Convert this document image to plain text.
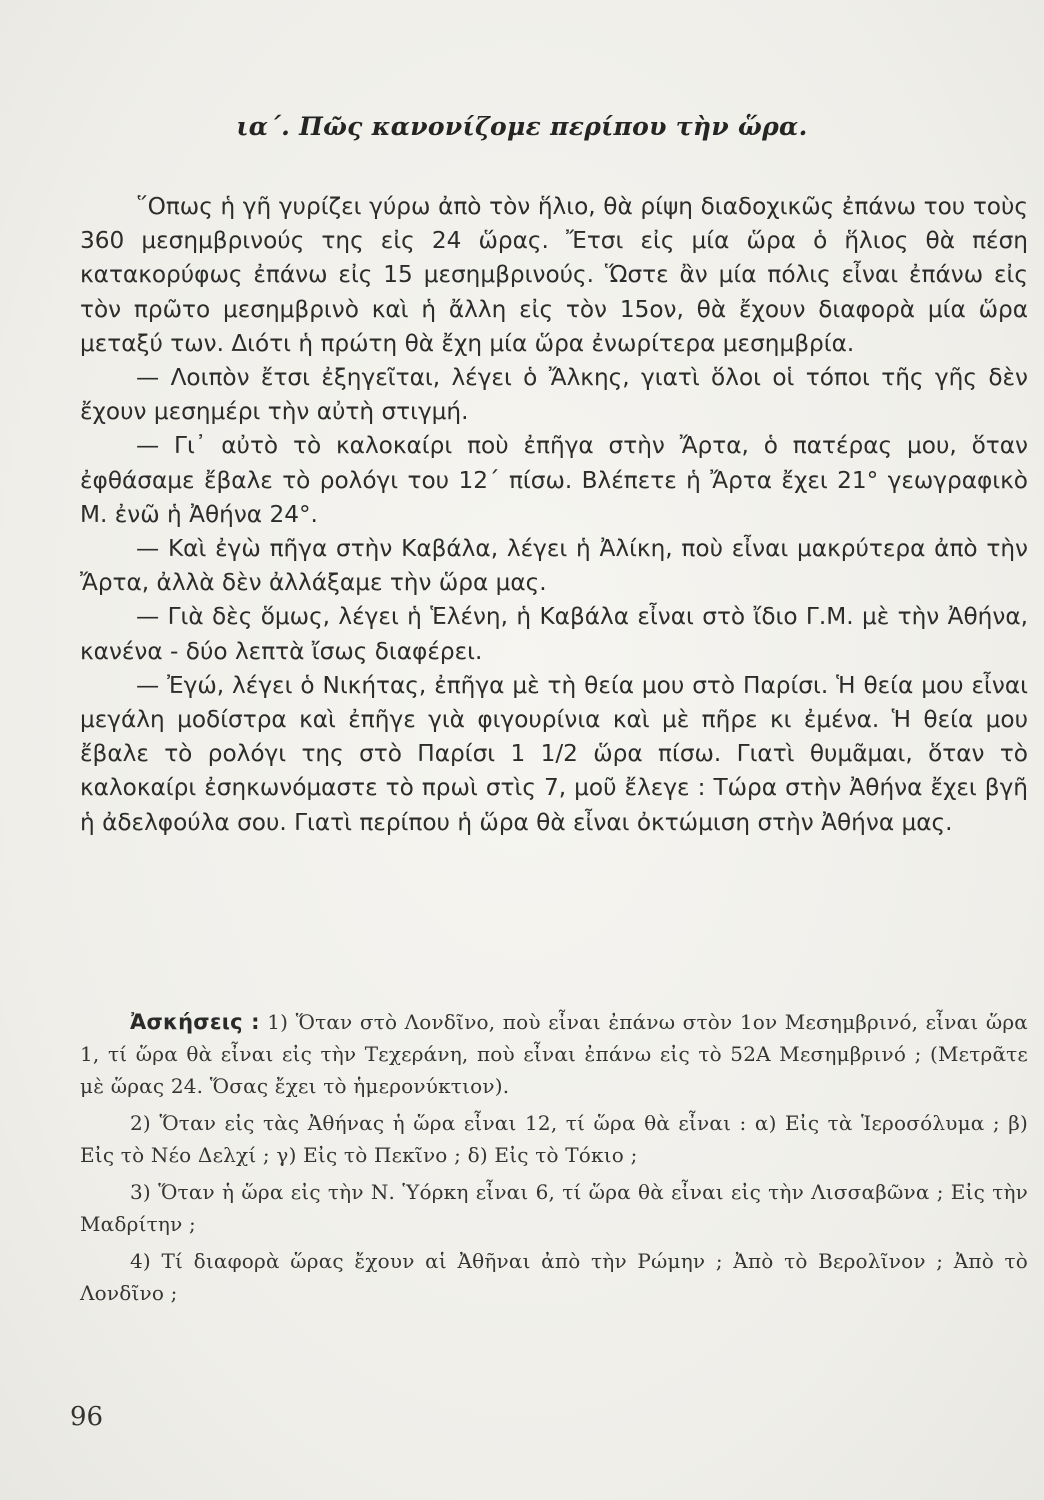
ια΄. Πῶς κανονίζομε περίπου τὴν ὥρα.

῞Οπως ἡ γῆ γυρίζει γύρω ἀπὸ τὸν ἥλιο, θὰ ρίψη διαδοχικῶς ἐπάνω του τοὺς 360 μεσημβρινούς της εἰς 24 ὥρας. Ἔτσι εἰς μία ὥρα ὁ ἥλιος θὰ πέση κατακορύφως ἐπάνω εἰς 15 μεσημβρινούς. Ὥστε ἂν μία πόλις εἶναι ἐπάνω εἰς τὸν πρῶτο μεσημβρινὸ καὶ ἡ ἄλλη εἰς τὸν 15ον, θὰ ἔχουν διαφορὰ μία ὥρα μεταξύ των. Διότι ἡ πρώτη θὰ ἔχη μία ὥρα ἐνωρίτερα μεσημβρία.

— Λοιπὸν ἔτσι ἐξηγεῖται, λέγει ὁ Ἄλκης, γιατὶ ὅλοι οἱ τόποι τῆς γῆς δὲν ἔχουν μεσημέρι τὴν αὐτὴ στιγμή.

— Γι᾽ αὐτὸ τὸ καλοκαίρι ποὺ ἐπῆγα στὴν Ἄρτα, ὁ πατέρας μου, ὅταν ἐφθάσαμε ἔβαλε τὸ ρολόγι του 12΄ πίσω. Βλέπετε ἡ Ἄρτα ἔχει 21° γεωγραφικὸ Μ. ἐνῶ ἡ Ἀθήνα 24°.

— Καὶ ἐγὼ πῆγα στὴν Καβάλα, λέγει ἡ Ἀλίκη, ποὺ εἶναι μακρύτερα ἀπὸ τὴν Ἄρτα, ἀλλὰ δὲν ἀλλάξαμε τὴν ὥρα μας.

— Γιὰ δὲς ὅμως, λέγει ἡ Ἑλένη, ἡ Καβάλα εἶναι στὸ ἴδιο Γ.Μ. μὲ τὴν Ἀθήνα, κανένα - δύο λεπτὰ ἴσως διαφέρει.

— Ἐγώ, λέγει ὁ Νικήτας, ἐπῆγα μὲ τὴ θεία μου στὸ Παρίσι. Ἡ θεία μου εἶναι μεγάλη μοδίστρα καὶ ἐπῆγε γιὰ φιγουρίνια καὶ μὲ πῆρε κι ἐμένα. Ἡ θεία μου ἔβαλε τὸ ρολόγι της στὸ Παρίσι 1 1/2 ὥρα πίσω. Γιατὶ θυμᾶμαι, ὅταν τὸ καλοκαίρι ἐσηκωνόμαστε τὸ πρωὶ στὶς 7, μοῦ ἔλεγε : Τώρα στὴν Ἀθήνα ἔχει βγῆ ἡ ἀδελφούλα σου. Γιατὶ περίπου ἡ ὥρα θὰ εἶναι ὀκτώμιση στὴν Ἀθήνα μας.

Ἀσκήσεις : 1) Ὅταν στὸ Λονδῖνο, ποὺ εἶναι ἐπάνω στὸν 1ον Μεσημβρινό, εἶναι ὥρα 1, τί ὥρα θὰ εἶναι εἰς τὴν Τεχεράνη, ποὺ εἶναι ἐπάνω εἰς τὸ 52Α Μεσημβρινό ; (Μετρᾶτε μὲ ὥρας 24. Ὅσας ἔχει τὸ ἡμερονύκτιον).

2) Ὅταν εἰς τὰς Ἀθήνας ἡ ὥρα εἶναι 12, τί ὥρα θὰ εἶναι : α) Εἰς τὰ Ἱεροσόλυμα ; β) Εἰς τὸ Νέο Δελχί ; γ) Εἰς τὸ Πεκῖνο ; δ) Εἰς τὸ Τόκιο ;

3) Ὅταν ἡ ὥρα εἰς τὴν Ν. Ὑόρκη εἶναι 6, τί ὥρα θὰ εἶναι εἰς τὴν Λισσαβῶνα ; Εἰς τὴν Μαδρίτην ;

4) Τί διαφορὰ ὥρας ἔχουν αἱ Ἀθῆναι ἀπὸ τὴν Ρώμην ; Ἀπὸ τὸ Βερολῖνον ; Ἀπὸ τὸ Λονδῖνο ;

96
